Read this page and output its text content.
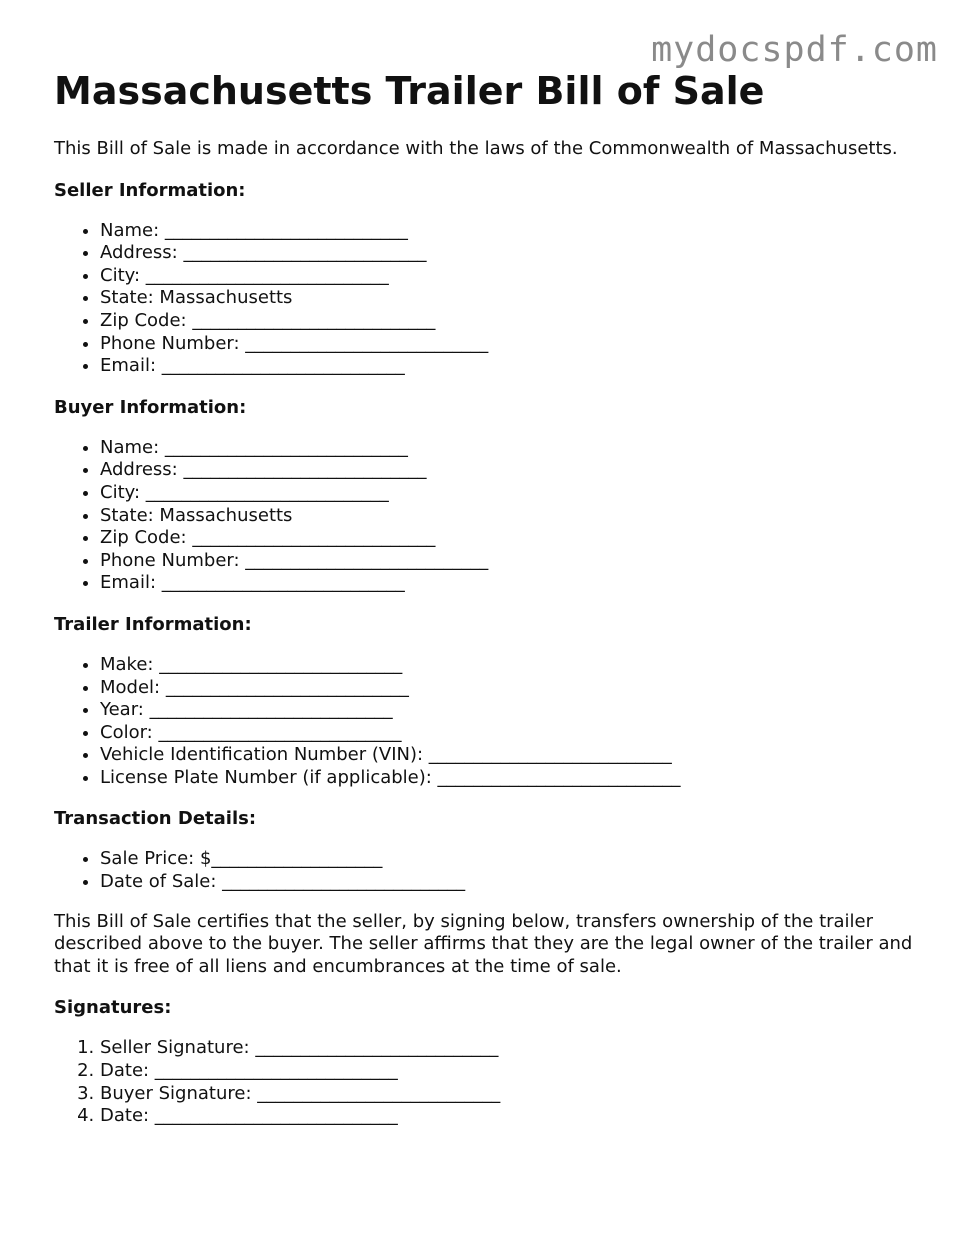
mydocspdf.com
Massachusetts Trailer Bill of Sale

This Bill of Sale is made in accordance with the laws of the Commonwealth of Massachusetts.

Seller Information:
• Name: ___________________________
• Address: ___________________________
• City: ___________________________
• State: Massachusetts
• Zip Code: ___________________________
• Phone Number: ___________________________
• Email: ___________________________
Buyer Information:
• Name: ___________________________
• Address: ___________________________
• City: ___________________________
• State: Massachusetts
• Zip Code: ___________________________
• Phone Number: ___________________________
• Email: ___________________________
Trailer Information:
• Make: ___________________________
• Model: ___________________________
• Year: ___________________________
• Color: ___________________________
• Vehicle Identification Number (VIN): ___________________________
• License Plate Number (if applicable): ___________________________
Transaction Details:
• Sale Price: $___________________
• Date of Sale: ___________________________

This Bill of Sale certifies that the seller, by signing below, transfers ownership of the trailer described above to the buyer. The seller affirms that they are the legal owner of the trailer and that it is free of all liens and encumbrances at the time of sale.

Signatures:
1. Seller Signature: ___________________________
2. Date: ___________________________
3. Buyer Signature: ___________________________
4. Date: ___________________________
